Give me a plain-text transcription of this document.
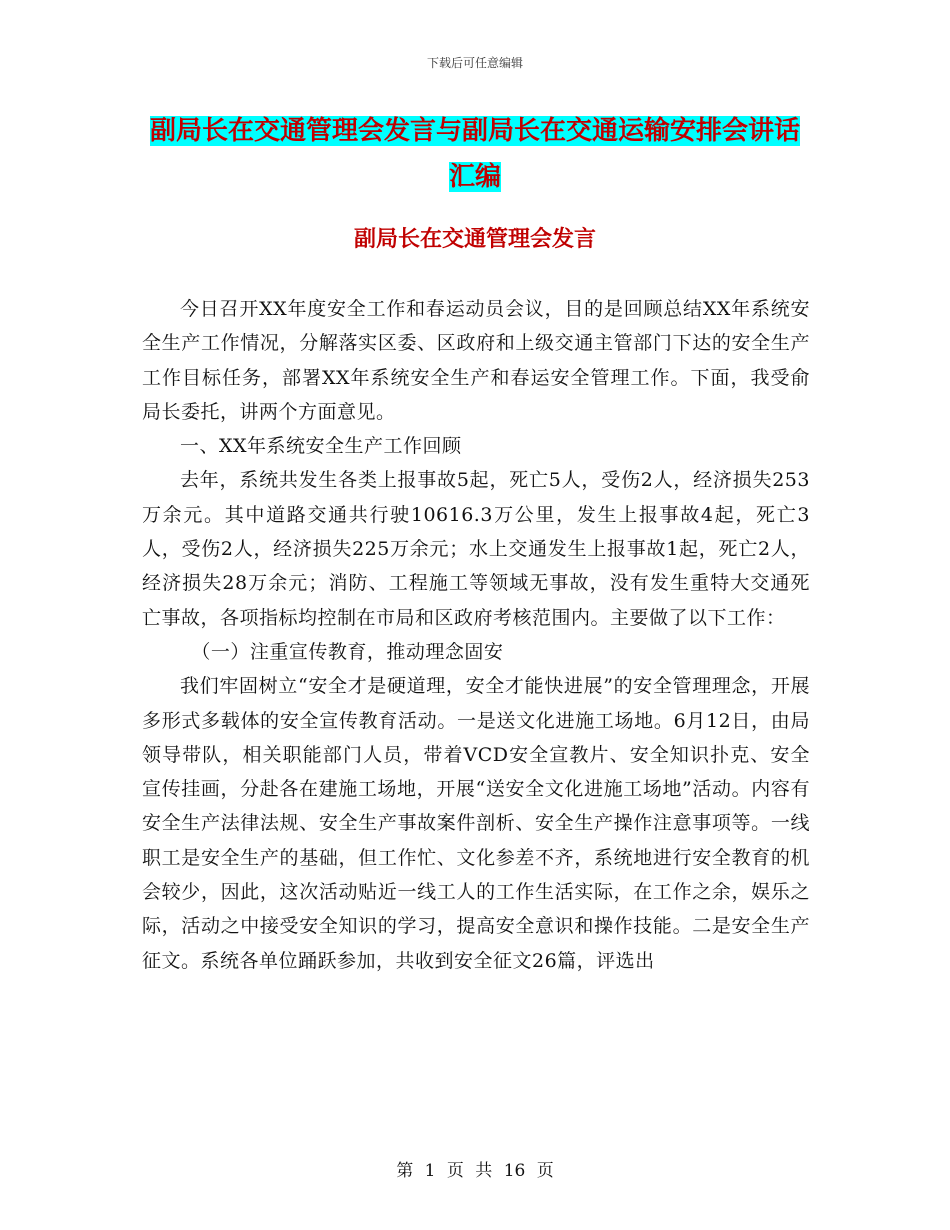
下载后可任意编辑
副局长在交通管理会发言与副局长在交通运输安排会讲话汇编
副局长在交通管理会发言

今日召开XX年度安全工作和春运动员会议，目的是回顾总结XX年系统安全生产工作情况，分解落实区委、区政府和上级交通主管部门下达的安全生产工作目标任务，部署XX年系统安全生产和春运安全管理工作。下面，我受俞局长委托，讲两个方面意见。

一、XX年系统安全生产工作回顾

去年，系统共发生各类上报事故5起，死亡5人，受伤2人，经济损失253万余元。其中道路交通共行驶10616.3万公里，发生上报事故4起，死亡3人，受伤2人，经济损失225万余元；水上交通发生上报事故1起，死亡2人，经济损失28万余元；消防、工程施工等领域无事故，没有发生重特大交通死亡事故，各项指标均控制在市局和区政府考核范围内。主要做了以下工作：

（一）注重宣传教育，推动理念固安

我们牢固树立“安全才是硬道理，安全才能快进展”的安全管理理念，开展多形式多载体的安全宣传教育活动。一是送文化进施工场地。6月12日，由局领导带队，相关职能部门人员，带着VCD安全宣教片、安全知识扑克、安全宣传挂画，分赴各在建施工场地，开展“送安全文化进施工场地”活动。内容有安全生产法律法规、安全生产事故案件剖析、安全生产操作注意事项等。一线职工是安全生产的基础，但工作忙、文化参差不齐，系统地进行安全教育的机会较少，因此，这次活动贴近一线工人的工作生活实际，在工作之余，娱乐之际，活动之中接受安全知识的学习，提高安全意识和操作技能。二是安全生产征文。系统各单位踊跃参加，共收到安全征文26篇，评选出

第 1 页 共 16 页
